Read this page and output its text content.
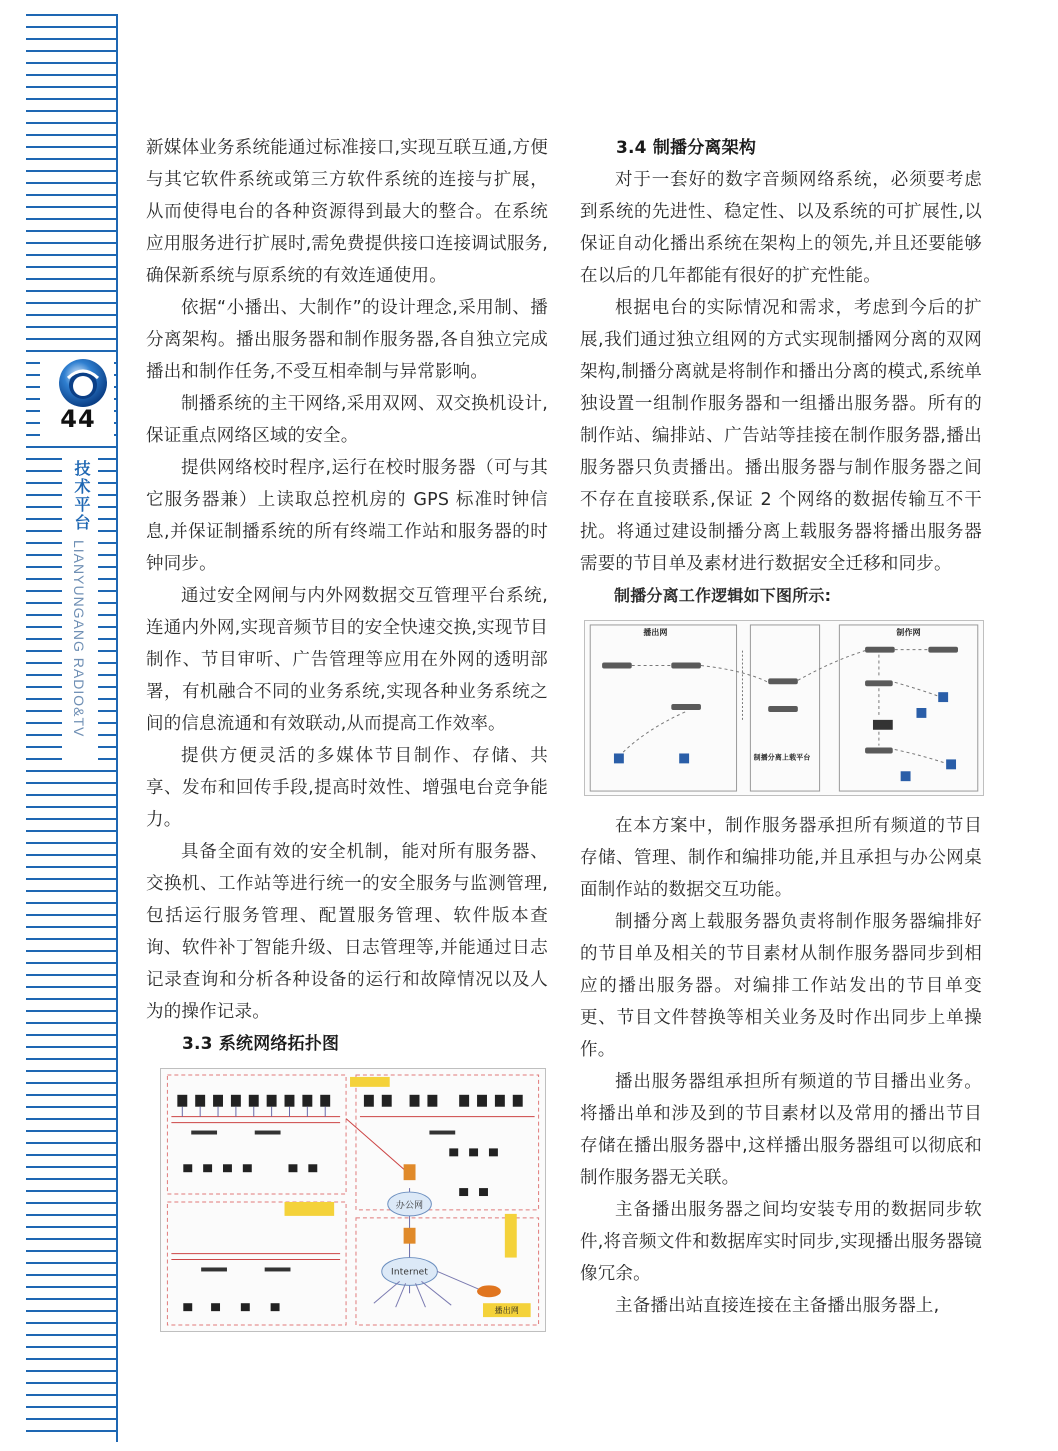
44
技术平台
LIANYUNGANG RADIO&TV

新媒体业务系统能通过标准接口,实现互联互通,方便与其它软件系统或第三方软件系统的连接与扩展，从而使得电台的各种资源得到最大的整合。在系统应用服务进行扩展时,需免费提供接口连接调试服务,确保新系统与原系统的有效连通使用。

依据“小播出、大制作”的设计理念,采用制、播分离架构。播出服务器和制作服务器,各自独立完成播出和制作任务,不受互相牵制与异常影响。

制播系统的主干网络,采用双网、双交换机设计,保证重点网络区域的安全。

提供网络校时程序,运行在校时服务器（可与其它服务器兼）上读取总控机房的 GPS 标准时钟信息,并保证制播系统的所有终端工作站和服务器的时钟同步。

通过安全网闸与内外网数据交互管理平台系统,连通内外网,实现音频节目的安全快速交换,实现节目制作、节目审听、广告管理等应用在外网的透明部署，有机融合不同的业务系统,实现各种业务系统之间的信息流通和有效联动,从而提高工作效率。

提供方便灵活的多媒体节目制作、存储、共享、发布和回传手段,提高时效性、增强电台竞争能力。

具备全面有效的安全机制，能对所有服务器、交换机、工作站等进行统一的安全服务与监测管理,包括运行服务管理、配置服务管理、软件版本查询、软件补丁智能升级、日志管理等,并能通过日志记录查询和分析各种设备的运行和故障情况以及人为的操作记录。

3.3 系统网络拓扑图
办公网
Internet
播出网
3.4 制播分离架构

对于一套好的数字音频网络系统，必须要考虑到系统的先进性、稳定性、以及系统的可扩展性,以保证自动化播出系统在架构上的领先,并且还要能够在以后的几年都能有很好的扩充性能。

根据电台的实际情况和需求，考虑到今后的扩展,我们通过独立组网的方式实现制播网分离的双网架构,制播分离就是将制作和播出分离的模式,系统单独设置一组制作服务器和一组播出服务器。所有的制作站、编排站、广告站等挂接在制作服务器,播出服务器只负责播出。播出服务器与制作服务器之间不存在直接联系,保证 2 个网络的数据传输互不干扰。将通过建设制播分离上载服务器将播出服务器需要的节目单及素材进行数据安全迁移和同步。

制播分离工作逻辑如下图所示:
播出网	制作网
制播分离上载平台

在本方案中，制作服务器承担所有频道的节目存储、管理、制作和编排功能,并且承担与办公网桌面制作站的数据交互功能。

制播分离上载服务器负责将制作服务器编排好的节目单及相关的节目素材从制作服务器同步到相应的播出服务器。对编排工作站发出的节目单变更、节目文件替换等相关业务及时作出同步上单操作。

播出服务器组承担所有频道的节目播出业务。将播出单和涉及到的节目素材以及常用的播出节目存储在播出服务器中,这样播出服务器组可以彻底和制作服务器无关联。

主备播出服务器之间均安装专用的数据同步软件,将音频文件和数据库实时同步,实现播出服务器镜像冗余。

主备播出站直接连接在主备播出服务器上,
